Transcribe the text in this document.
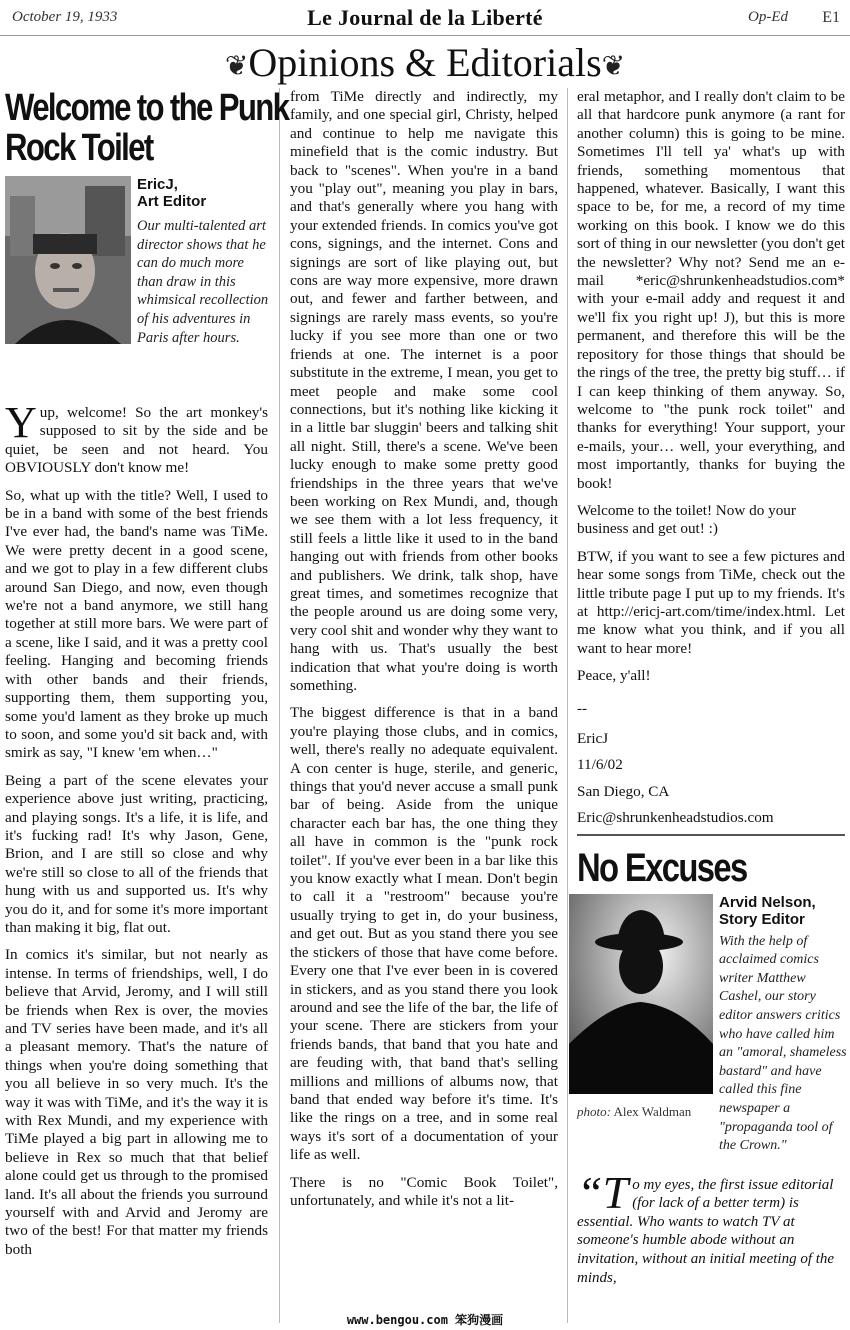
October 19, 1933	Le Journal de la Liberté	Op-Ed E1
❦Opinions & Editorials❦
Welcome to the Punk
Rock Toilet
EricJ,
Art Editor
Our multi-talented art director shows that he can do much more than draw in this whimsical recollection of his adventures in Paris after hours.

Yup, welcome! So the art monkey's supposed to sit by the side and be quiet, be seen and not heard. You OBVIOUSLY don't know me!

So, what up with the title? Well, I used to be in a band with some of the best friends I've ever had, the band's name was TiMe. We were pretty decent in a good scene, and we got to play in a few different clubs around San Diego, and now, even though we're not a band anymore, we still hang together at still more bars. We were part of a scene, like I said, and it was a pretty cool feeling. Hanging and becoming friends with other bands and their friends, supporting them, them supporting you, some you'd lament as they broke up much to soon, and some you'd sit back and, with smirk as say, "I knew 'em when…"

Being a part of the scene elevates your experience above just writing, practicing, and playing songs. It's a life, it is life, and it's fucking rad! It's why Jason, Gene, Brion, and I are still so close and why we're still so close to all of the friends that hung with us and supported us. It's why you do it, and for some it's more important than making it big, flat out.

In comics it's similar, but not nearly as intense. In terms of friendships, well, I do believe that Arvid, Jeromy, and I will still be friends when Rex is over, the movies and TV series have been made, and it's all a pleasant memory. That's the nature of things when you're doing something that you all believe in so very much. It's the way it was with TiMe, and it's the way it is with Rex Mundi, and my experience with TiMe played a big part in allowing me to believe in Rex so much that that belief alone could get us through to the promised land. It's all about the friends you surround yourself with and Arvid and Jeromy are two of the best! For that matter my friends both

from TiMe directly and indirectly, my family, and one special girl, Christy, helped and continue to help me navigate this minefield that is the comic industry. But back to "scenes". When you're in a band you "play out", meaning you play in bars, and that's generally where you hang with your extended friends. In comics you've got cons, signings, and the internet. Cons and signings are sort of like playing out, but cons are way more expensive, more drawn out, and fewer and farther between, and signings are rarely mass events, so you're lucky if you see more than one or two friends at one. The internet is a poor substitute in the extreme, I mean, you get to meet people and make some cool connections, but it's nothing like kicking it in a little bar sluggin' beers and talking shit all night. Still, there's a scene. We've been lucky enough to make some pretty good friendships in the three years that we've been working on Rex Mundi, and, though we see them with a lot less frequency, it still feels a little like it used to in the band hanging out with friends from other books and publishers. We drink, talk shop, have great times, and sometimes recognize that the people around us are doing some very, very cool shit and wonder why they want to hang with us. That's usually the best indication that what you're doing is worth something.

The biggest difference is that in a band you're playing those clubs, and in comics, well, there's really no adequate equivalent. A con center is huge, sterile, and generic, things that you'd never accuse a small punk bar of being. Aside from the unique character each bar has, the one thing they all have in common is the "punk rock toilet". If you've ever been in a bar like this you know exactly what I mean. Don't begin to call it a "restroom" because you're usually trying to get in, do your business, and get out. But as you stand there you see the stickers of those that have come before. Every one that I've ever been in is covered in stickers, and as you stand there you look around and see the life of the bar, the life of your scene. There are stickers from your friends bands, that band that you hate and are feuding with, that band that's selling millions and millions of albums now, that band that ended way before it's time. It's like the rings on a tree, and in some real ways it's sort of a documentation of your life as well.

There is no "Comic Book Toilet", unfortunately, and while it's not a lit-

eral metaphor, and I really don't claim to be all that hardcore punk anymore (a rant for another column) this is going to be mine. Sometimes I'll tell ya' what's up with friends, something momentous that happened, whatever. Basically, I want this space to be, for me, a record of my time working on this book. I know we do this sort of thing in our newsletter (you don't get the newsletter? Why not? Send me an e-mail *eric@shrunkenheadstudios.com* with your e-mail addy and request it and we'll fix you right up! J), but this is more permanent, and therefore this will be the repository for those things that should be the rings of the tree, the pretty big stuff… if I can keep thinking of them anyway. So, welcome to "the punk rock toilet" and thanks for everything! Your support, your e-mails, your… well, your everything, and most importantly, thanks for buying the book!

Welcome to the toilet! Now do your business and get out! :)

BTW, if you want to see a few pictures and hear some songs from TiMe, check out the little tribute page I put up to my friends. It's at http://ericj-art.com/time/index.html. Let me know what you think, and if you all want to hear more!

Peace, y'all!

--

EricJ

11/6/02

San Diego, CA

Eric@shrunkenheadstudios.com

No Excuses
photo: Alex Waldman
Arvid Nelson,
Story Editor
With the help of acclaimed comics writer Matthew Cashel, our story editor answers critics who have called him an "amoral, shameless bastard" and have called this fine newspaper a "propaganda tool of the Crown."
“T o my eyes, the first issue editorial (for lack of a better term) is essential. Who wants to watch TV at someone's humble abode without an invitation, without an initial meeting of the minds,
www.bengou.com 笨狗漫画
